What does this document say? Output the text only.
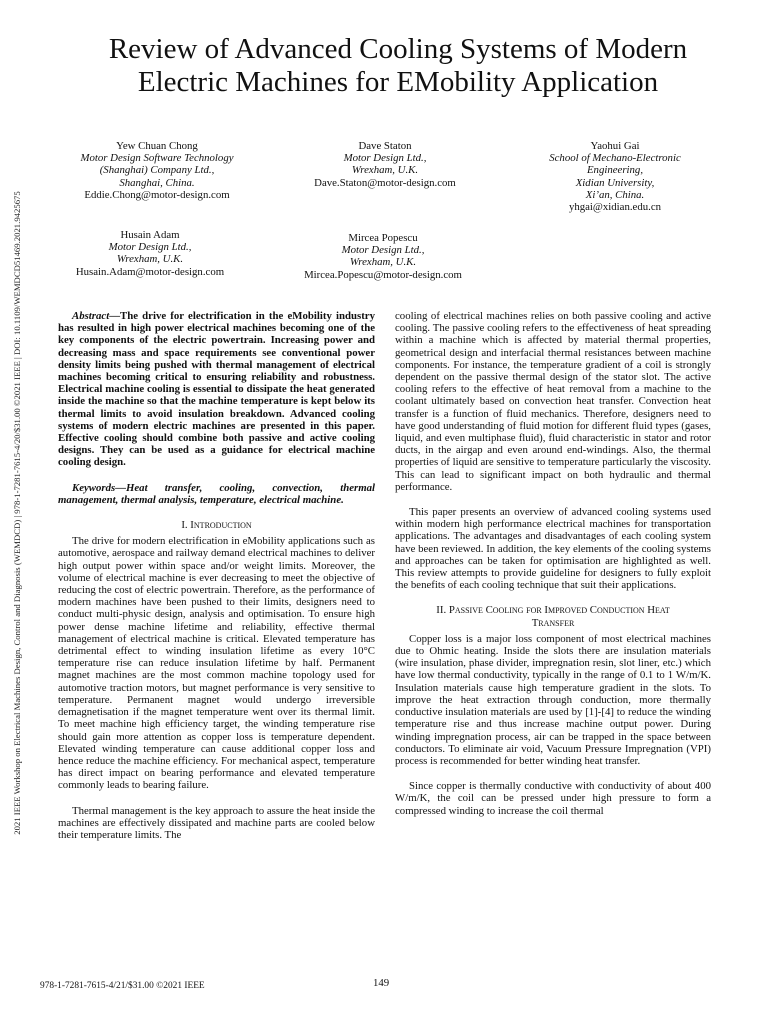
2021 IEEE Workshop on Electrical Machines Design, Control and Diagnosis (WEMDCD) | 978-1-7281-7615-4/20/$31.00 ©2021 IEEE | DOI: 10.1109/WEMDCD51469.2021.9425675
Review of Advanced Cooling Systems of Modern
Electric Machines for EMobility Application
Yew Chuan Chong
Motor Design Software Technology
(Shanghai) Company Ltd.,
Shanghai, China.
Eddie.Chong@motor-design.com
Dave Staton
Motor Design Ltd.,
Wrexham, U.K.
Dave.Staton@motor-design.com
Yaohui Gai
School of Mechano-Electronic
Engineering,
Xidian University,
Xi’an, China.
yhgai@xidian.edu.cn
Husain Adam
Motor Design Ltd.,
Wrexham, U.K.
Husain.Adam@motor-design.com
Mircea Popescu
Motor Design Ltd.,
Wrexham, U.K.
Mircea.Popescu@motor-design.com

Abstract—The drive for electrification in the eMobility industry has resulted in high power electrical machines becoming one of the key components of the electric powertrain. Increasing power and decreasing mass and space requirements see conventional power density limits being pushed with thermal management of electrical machines becoming critical to ensuring reliability and robustness. Electrical machine cooling is essential to dissipate the heat generated inside the machine so that the machine temperature is kept below its thermal limits to avoid insulation breakdown. Advanced cooling systems of modern electric machines are presented in this paper. Effective cooling should combine both passive and active cooling designs. They can be used as a guidance for electrical machine cooling design.

Keywords—Heat transfer, cooling, convection, thermal management, thermal analysis, temperature, electrical machine.

I. Introduction

The drive for modern electrification in eMobility applications such as automotive, aerospace and railway demand electrical machines to deliver high output power within space and/or weight limits. Moreover, the volume of electrical machine is ever decreasing to meet the objective of reducing the cost of electric powertrain. Therefore, as the performance of modern machines have been pushed to their limits, designers need to conduct multi-physic design, analysis and optimisation. To ensure high power dense machine lifetime and reliability, effective thermal management of electrical machine is critical. Elevated temperature has detrimental effect to winding insulation lifetime as every 10°C temperature rise can reduce insulation lifetime by half. Permanent magnet machines are the most common machine topology used for automotive traction motors, but magnet performance is very sensitive to temperature. Permanent magnet would undergo irreversible demagnetisation if the magnet temperature went over its thermal limit. To meet machine high efficiency target, the winding temperature rise should gain more attention as copper loss is temperature dependent. Elevated winding temperature can cause additional copper loss and hence reduce the machine efficiency. For mechanical aspect, temperature has direct impact on bearing performance and elevated temperature commonly leads to bearing failure.

Thermal management is the key approach to assure the heat inside the machines are effectively dissipated and machine parts are cooled below their temperature limits. The

cooling of electrical machines relies on both passive cooling and active cooling. The passive cooling refers to the effectiveness of heat spreading within a machine which is affected by material thermal properties, geometrical design and interfacial thermal resistances between machine components. For instance, the temperature gradient of a coil is strongly dependent on the passive thermal design of the stator slot. The active cooling refers to the effective of heat removal from a machine to the coolant ultimately based on convection heat transfer. Convection heat transfer is a function of fluid mechanics. Therefore, designers need to have good understanding of fluid motion for different fluid types (gases, liquid, and even multiphase fluid), fluid characteristic in stator and rotor ducts, in the airgap and even around end-windings. Also, the thermal properties of liquid are sensitive to temperature particularly the viscosity. This can lead to significant impact on both hydraulic and thermal performance.

This paper presents an overview of advanced cooling systems used within modern high performance electrical machines for transportation applications. The advantages and disadvantages of each cooling system have been reviewed. In addition, the key elements of the cooling systems and approaches can be taken for optimisation are highlighted as well. This review attempts to provide guideline for designers to fully exploit the benefits of each cooling technique that suit their applications.

II. Passive Cooling for Improved Conduction Heat
Transfer

Copper loss is a major loss component of most electrical machines due to Ohmic heating. Inside the slots there are insulation materials (wire insulation, phase divider, impregnation resin, slot liner, etc.) which have low thermal conductivity, typically in the range of 0.1 to 1 W/m/K. Insulation materials cause high temperature gradient in the slots. To improve the heat extraction through conduction, more thermally conductive insulation materials are used by [1]-[4] to reduce the winding temperature rise and thus increase machine output power. During winding impregnation process, air can be trapped in the space between conductors. To eliminate air void, Vacuum Pressure Impregnation (VPI) process is recommended for better winding heat transfer.

Since copper is thermally conductive with conductivity of about 400 W/m/K, the coil can be pressed under high pressure to form a compressed winding to increase the coil thermal

978-1-7281-7615-4/21/$31.00 ©2021 IEEE	149
